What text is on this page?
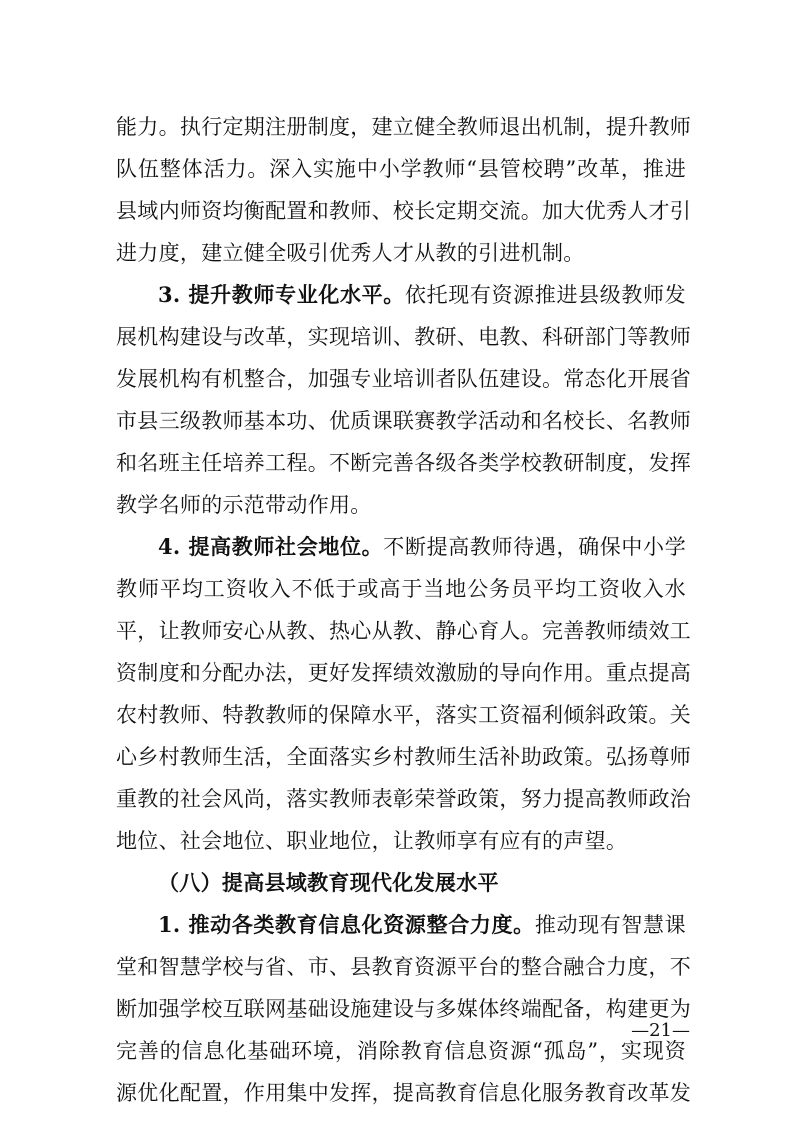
能力。执行定期注册制度，建立健全教师退出机制，提升教师
队伍整体活力。深入实施中小学教师“县管校聘”改革，推进
县域内师资均衡配置和教师、校长定期交流。加大优秀人才引
进力度，建立健全吸引优秀人才从教的引进机制。
3. 提升教师专业化水平。依托现有资源推进县级教师发
展机构建设与改革，实现培训、教研、电教、科研部门等教师
发展机构有机整合，加强专业培训者队伍建设。常态化开展省
市县三级教师基本功、优质课联赛教学活动和名校长、名教师
和名班主任培养工程。不断完善各级各类学校教研制度，发挥
教学名师的示范带动作用。
4. 提高教师社会地位。不断提高教师待遇，确保中小学
教师平均工资收入不低于或高于当地公务员平均工资收入水
平，让教师安心从教、热心从教、静心育人。完善教师绩效工
资制度和分配办法，更好发挥绩效激励的导向作用。重点提高
农村教师、特教教师的保障水平，落实工资福利倾斜政策。关
心乡村教师生活，全面落实乡村教师生活补助政策。弘扬尊师
重教的社会风尚，落实教师表彰荣誉政策，努力提高教师政治
地位、社会地位、职业地位，让教师享有应有的声望。
（八）提高县域教育现代化发展水平
1. 推动各类教育信息化资源整合力度。推动现有智慧课
堂和智慧学校与省、市、县教育资源平台的整合融合力度，不
断加强学校互联网基础设施建设与多媒体终端配备，构建更为
完善的信息化基础环境，消除教育信息资源“孤岛”，实现资
源优化配置，作用集中发挥，提高教育信息化服务教育改革发
—21—
